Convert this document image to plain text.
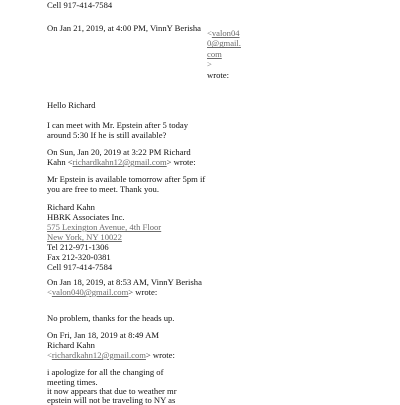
Cell 917-414-7584
On Jan 21, 2019, at 4:00 PM, VinnY Berisha <valon040@gmail.com
>
wrote:
Hello Richard
I can meet with Mr. Epstein after 5 today
around 5:30 If he is still available?
On Sun, Jan 20, 2019 at 3:22 PM Richard
Kahn <richardkahn12@gmail.com> wrote:
Mr Epstein is available tomorrow after 5pm if
you are free to meet. Thank you.
Richard Kahn
HBRK Associates Inc.
575 Lexington Avenue, 4th Floor
New York, NY 10022
Tel 212-971-1306
Fax 212-320-0381
Cell 917-414-7584
On Jan 18, 2019, at 8:53 AM, VinnY Berisha
<valon040@gmail.com> wrote:
No problem, thanks for the heads up.
On Fri, Jan 18, 2019 at 8:49 AM
Richard Kahn
<richardkahn12@gmail.com> wrote:
i apologize for all the changing of
meeting times.
it now appears that due to weather mr
epstein will not be traveling to NY as
